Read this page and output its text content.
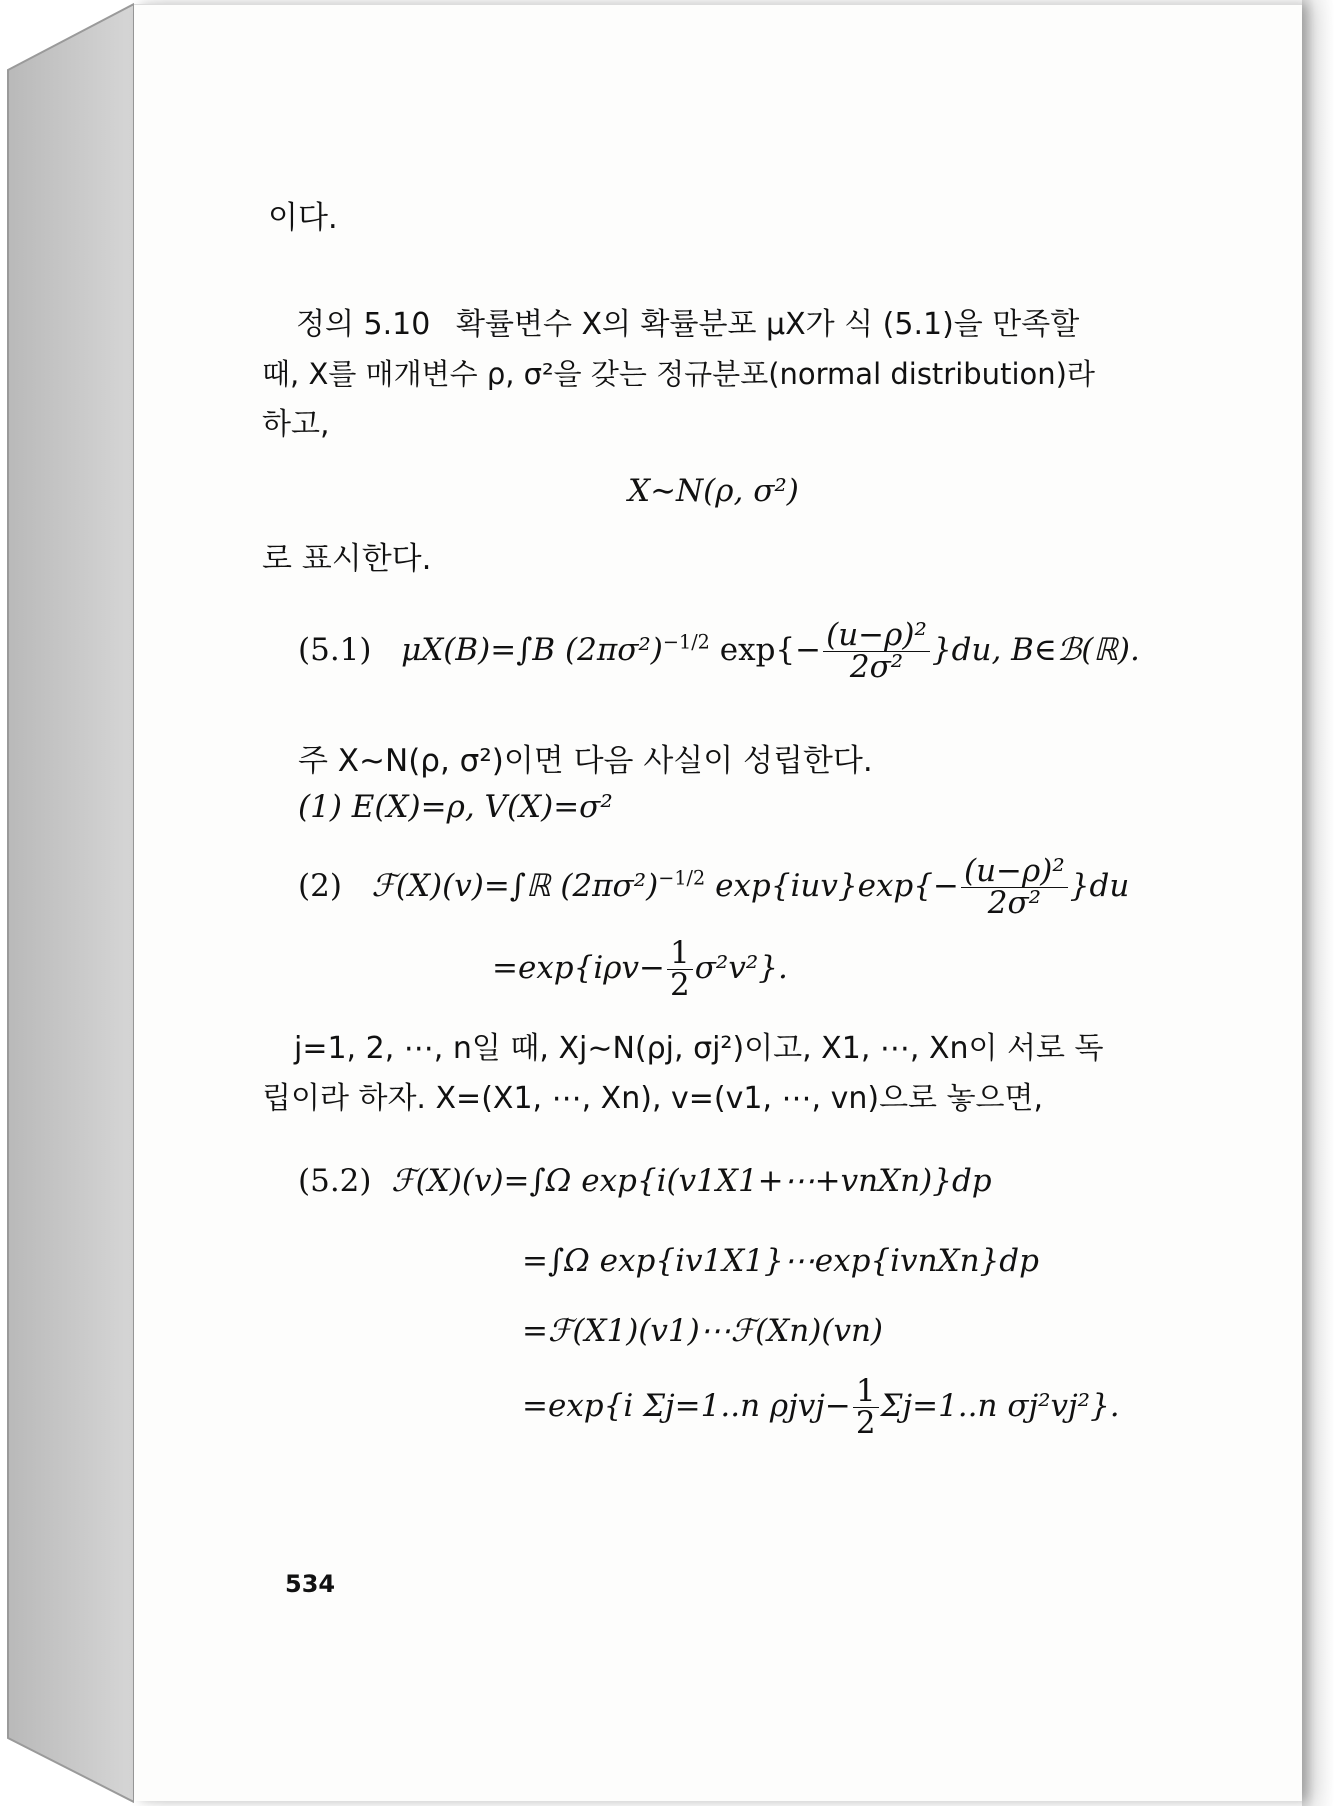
이다.
정의 5.10 확률변수 X의 확률분포 μX가 식 (5.1)을 만족할
때, X를 매개변수 ρ, σ²을 갖는 정규분포(normal distribution)라
하고,
X∼N(ρ, σ²)
로 표시한다.
(5.1) μX(B)=∫B $(2\pi\sigma^2)^{-1/2}$ $\exp\{- \frac{\text{(u−ρ)²}}{\text{2σ²}} \}du$, B∈ℬ(ℝ).
주 X∼N(ρ, σ²)이면 다음 사실이 성립한다.
(1) E(X)=ρ, V(X)=σ²
(2) ℱ(X)(v)=∫ℝ $(2\pi\sigma^2)^{-1/2}$ $\exp\{iuv\}\exp\{- \frac{\text{(u−ρ)²}}{\text{2σ²}} \}du$
$=\exp\{i\rho v- \frac{1}{2} \sigma^2v^2\}$.
j=1, 2, ⋯, n일 때, Xj∼N(ρj, σj²)이고, X1, ⋯, Xn이 서로 독
립이라 하자. X=(X1, ⋯, Xn), v=(v1, ⋯, vn)으로 놓으면,
(5.2) ℱ(X)(v)=∫Ω exp{i(v1X1+⋯+vnXn)}dp
=∫Ω exp{iv1X1}⋯exp{ivnXn}dp
=ℱ(X1)(v1)⋯ℱ(Xn)(vn)
=exp{i Σj=1..n $\rho jvj- \frac{1}{2} \Sigma j=1..n$ σj²vj²}.
534
